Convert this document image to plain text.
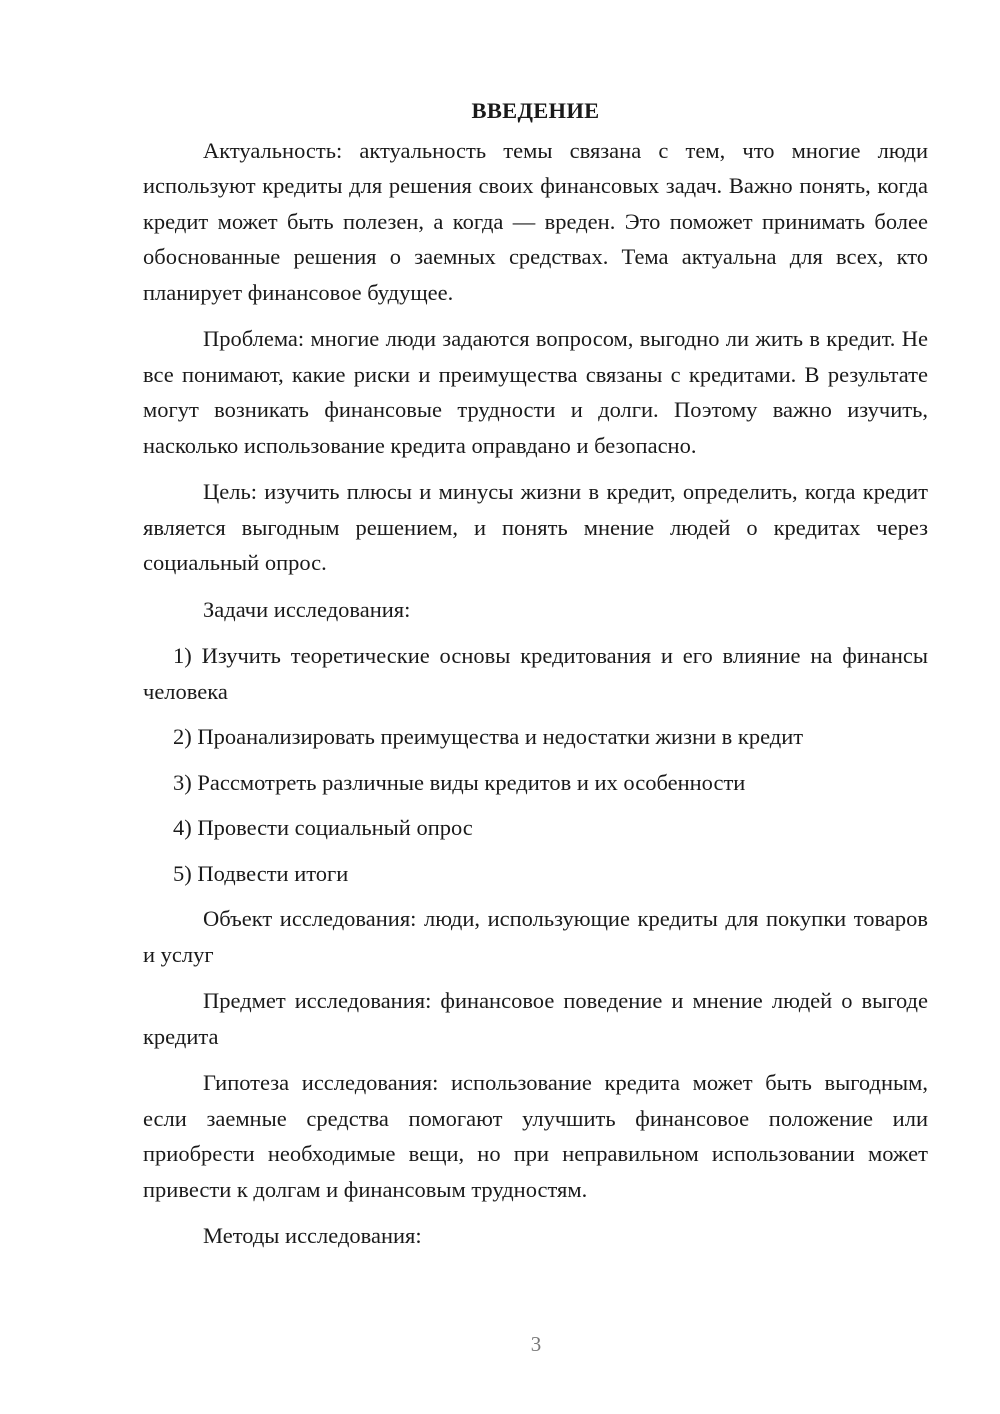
ВВЕДЕНИЕ

Актуальность: актуальность темы связана с тем, что многие люди используют кредиты для решения своих финансовых задач. Важно понять, когда кредит может быть полезен, а когда — вреден. Это поможет принимать более обоснованные решения о заемных средствах. Тема актуальна для всех, кто планирует финансовое будущее.

Проблема: многие люди задаются вопросом, выгодно ли жить в кредит. Не все понимают, какие риски и преимущества связаны с кредитами. В результате могут возникать финансовые трудности и долги. Поэтому важно изучить, насколько использование кредита оправдано и безопасно.

Цель: изучить плюсы и минусы жизни в кредит, определить, когда кредит является выгодным решением, и понять мнение людей о кредитах через социальный опрос.

Задачи исследования:

1) Изучить теоретические основы кредитования и его влияние на финансы человека

2) Проанализировать преимущества и недостатки жизни в кредит

3) Рассмотреть различные виды кредитов и их особенности

4) Провести социальный опрос

5) Подвести итоги

Объект исследования: люди, использующие кредиты для покупки товаров и услуг

Предмет исследования: финансовое поведение и мнение людей о выгоде кредита

Гипотеза исследования: использование кредита может быть выгодным, если заемные средства помогают улучшить финансовое положение или приобрести необходимые вещи, но при неправильном использовании может привести к долгам и финансовым трудностям.

Методы исследования:

3
